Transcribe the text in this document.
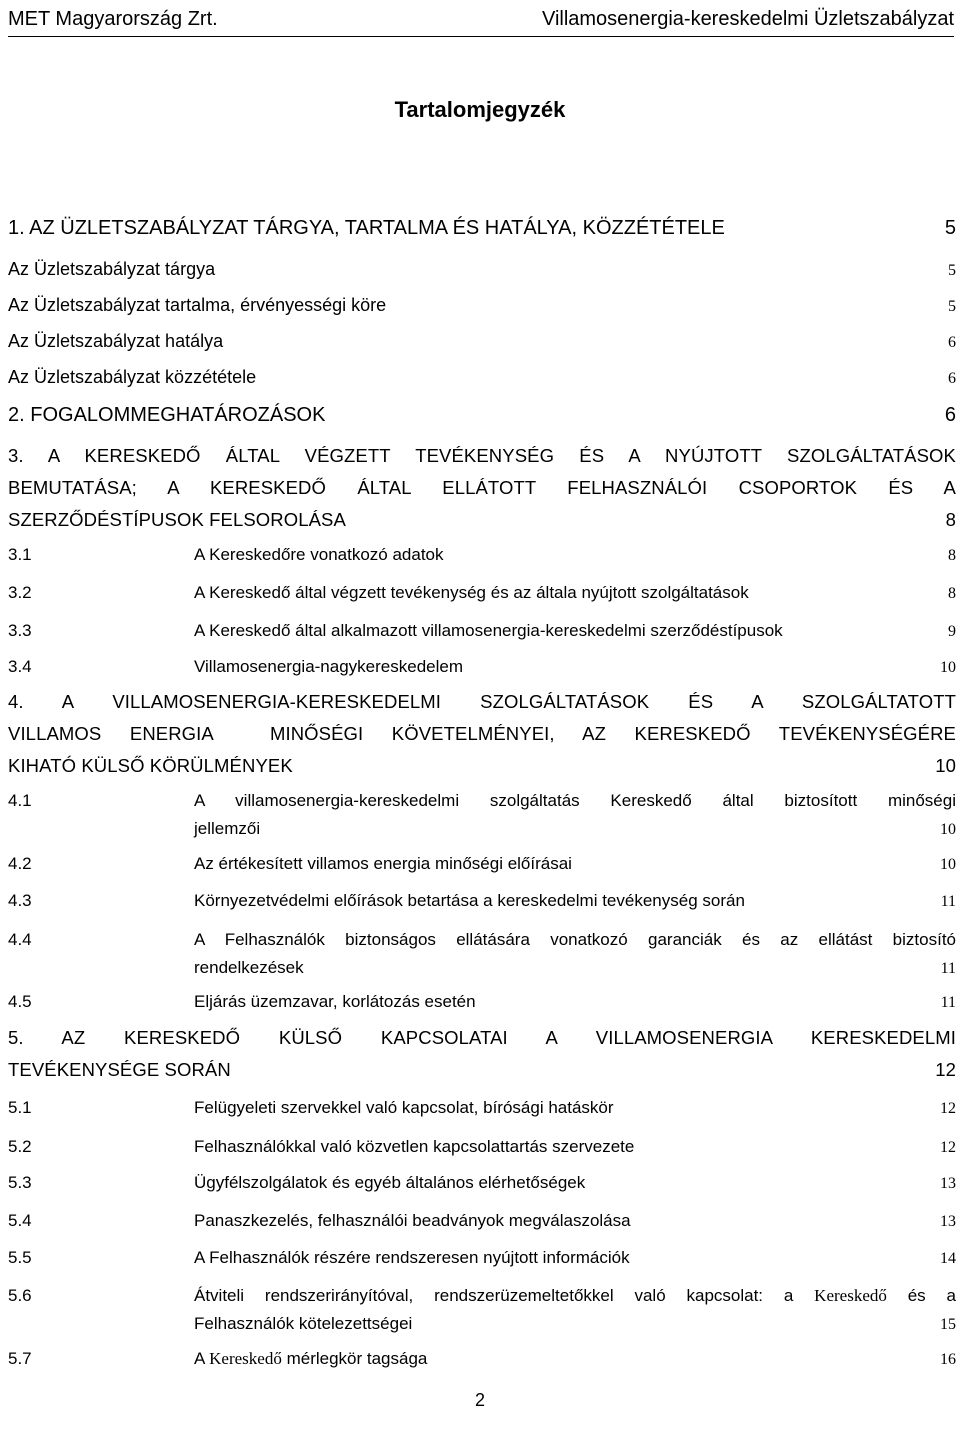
MET Magyarország Zrt.	Villamosenergia-kereskedelmi Üzletszabályzat
Tartalomjegyzék
1. AZ ÜZLETSZABÁLYZAT TÁRGYA, TARTALMA ÉS HATÁLYA, KÖZZÉTÉTELE	5
Az Üzletszabályzat tárgya	5
Az Üzletszabályzat tartalma, érvényességi köre	5
Az Üzletszabályzat hatálya	6
Az Üzletszabályzat közzététele	6
2. FOGALOMMEGHATÁROZÁSOK	6
3. A KERESKEDŐ ÁLTAL VÉGZETT TEVÉKENYSÉG ÉS A NYÚJTOTT SZOLGÁLTATÁSOK
BEMUTATÁSA; A KERESKEDŐ ÁLTAL ELLÁTOTT FELHASZNÁLÓI CSOPORTOK ÉS A
SZERZŐDÉSTÍPUSOK FELSOROLÁSA	8
3.1	A Kereskedőre vonatkozó adatok	8
3.2	A Kereskedő által végzett tevékenység és az általa nyújtott szolgáltatások	8
3.3	A Kereskedő által alkalmazott villamosenergia-kereskedelmi szerződéstípusok	9
3.4	Villamosenergia-nagykereskedelem	10
4. A VILLAMOSENERGIA-KERESKEDELMI SZOLGÁLTATÁSOK ÉS A SZOLGÁLTATOTT
VILLAMOS ENERGIA  MINŐSÉGI KÖVETELMÉNYEI, AZ KERESKEDŐ TEVÉKENYSÉGÉRE
KIHATÓ KÜLSŐ KÖRÜLMÉNYEK	10
4.1	A villamosenergia-kereskedelmi szolgáltatás Kereskedő által biztosított minőségi
jellemzői	10
4.2	Az értékesített villamos energia minőségi előírásai	10
4.3	Környezetvédelmi előírások betartása a kereskedelmi tevékenység során	11
4.4	A Felhasználók biztonságos ellátására vonatkozó garanciák és az ellátást biztosító
rendelkezések	11
4.5	Eljárás üzemzavar, korlátozás esetén	11
5. AZ KERESKEDŐ KÜLSŐ KAPCSOLATAI A VILLAMOSENERGIA KERESKEDELMI
TEVÉKENYSÉGE SORÁN	12
5.1	Felügyeleti szervekkel való kapcsolat, bírósági hatáskör	12
5.2	Felhasználókkal való közvetlen kapcsolattartás szervezete	12
5.3	Ügyfélszolgálatok és egyéb általános elérhetőségek	13
5.4	Panaszkezelés, felhasználói beadványok megválaszolása	13
5.5	A Felhasználók részére rendszeresen nyújtott információk	14
5.6	Átviteli rendszerirányítóval, rendszerüzemeltetőkkel való kapcsolat: a Kereskedő és a
Felhasználók kötelezettségei	15
5.7	A Kereskedő mérlegkör tagsága	16
2
